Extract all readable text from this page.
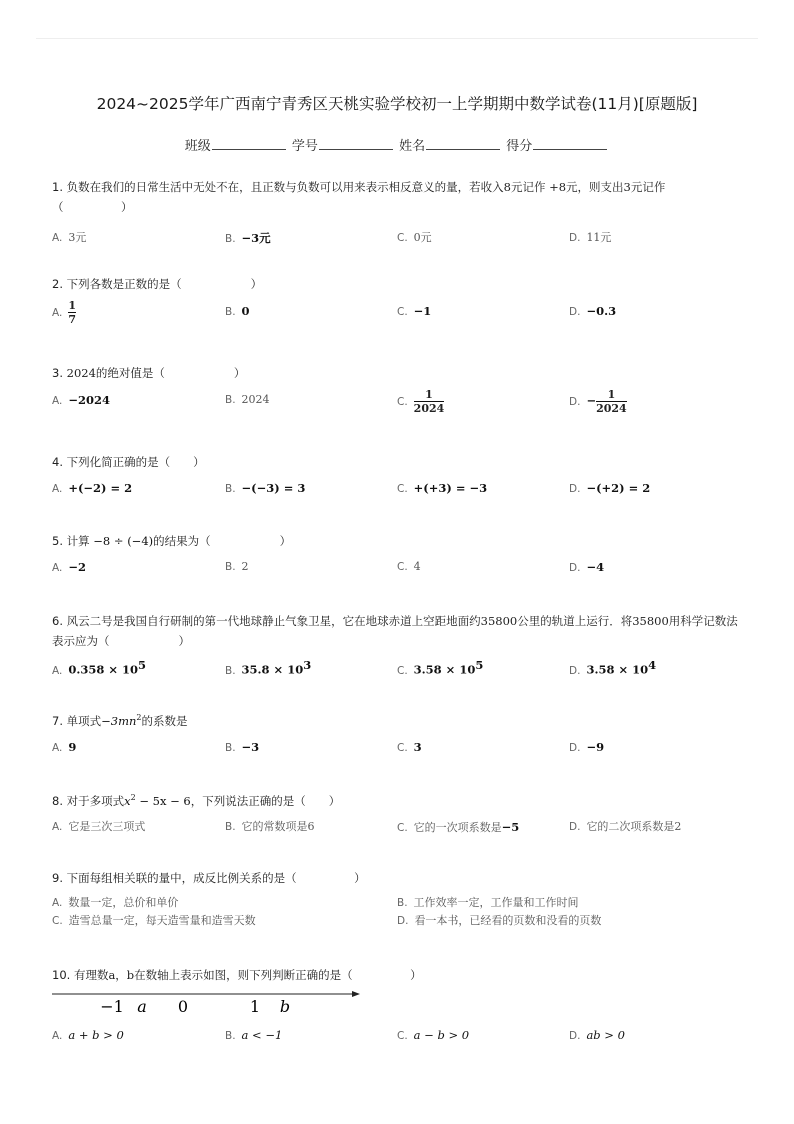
2024~2025学年广西南宁青秀区天桃实验学校初一上学期期中数学试卷(11月)[原题版]
班级	学号	姓名	得分
1. 负数在我们的日常生活中无处不在，且正数与负数可以用来表示相反意义的量，若收入8元记作 +8元，则支出3元记作
（　　　　　）
A. 3元	B. −3元	C. 0元	D. 11元
2. 下列各数是正数的是（　　　　　　）
A. $\frac{1}{7}$	B. 0	C. −1	D. −0.3
3. 2024的绝对值是（　　　　　　）
A. −2024	B. 2024	C. $\frac{1}{2024}$	D. − $\frac{1}{2024}$
4. 下列化简正确的是（　　）
A. +(−2) = 2	B. −(−3) = 3	C. +(+3) = −3	D. −(+2) = 2
5. 计算 −8 ÷ (−4)的结果为（　　　　　　）
A. −2	B. 2	C. 4	D. −4
6. 风云二号是我国自行研制的第一代地球静止气象卫星，它在地球赤道上空距地面约35800公里的轨道上运行．将35800用科学记数法表示应为（　　　　　　）
A. $0.358 \times 10^5$	B. $35.8 \times 10^3$	C. $3.58 \times 10^5$	D. $3.58 \times 10^4$
7. 单项式$-3mn^2$的系数是
A. 9	B. −3	C. 3	D. −9
8. 对于多项式$x^2 - 5x - 6$，下列说法正确的是（　　）
A. 它是三次三项式	B. 它的常数项是6	C. 它的一次项系数是−5	D. 它的二次项系数是2
9. 下面每组相关联的量中，成反比例关系的是（　　　　　）
A. 数量一定，总价和单价	B. 工作效率一定，工作量和工作时间
C. 造雪总量一定，每天造雪量和造雪天数	D. 看一本书，已经看的页数和没看的页数
10. 有理数a，b在数轴上表示如图，则下列判断正确的是（　　　　　）
−1 a 0	1 b
A. a + b > 0	B. a < −1	C. a − b > 0	D. ab > 0
